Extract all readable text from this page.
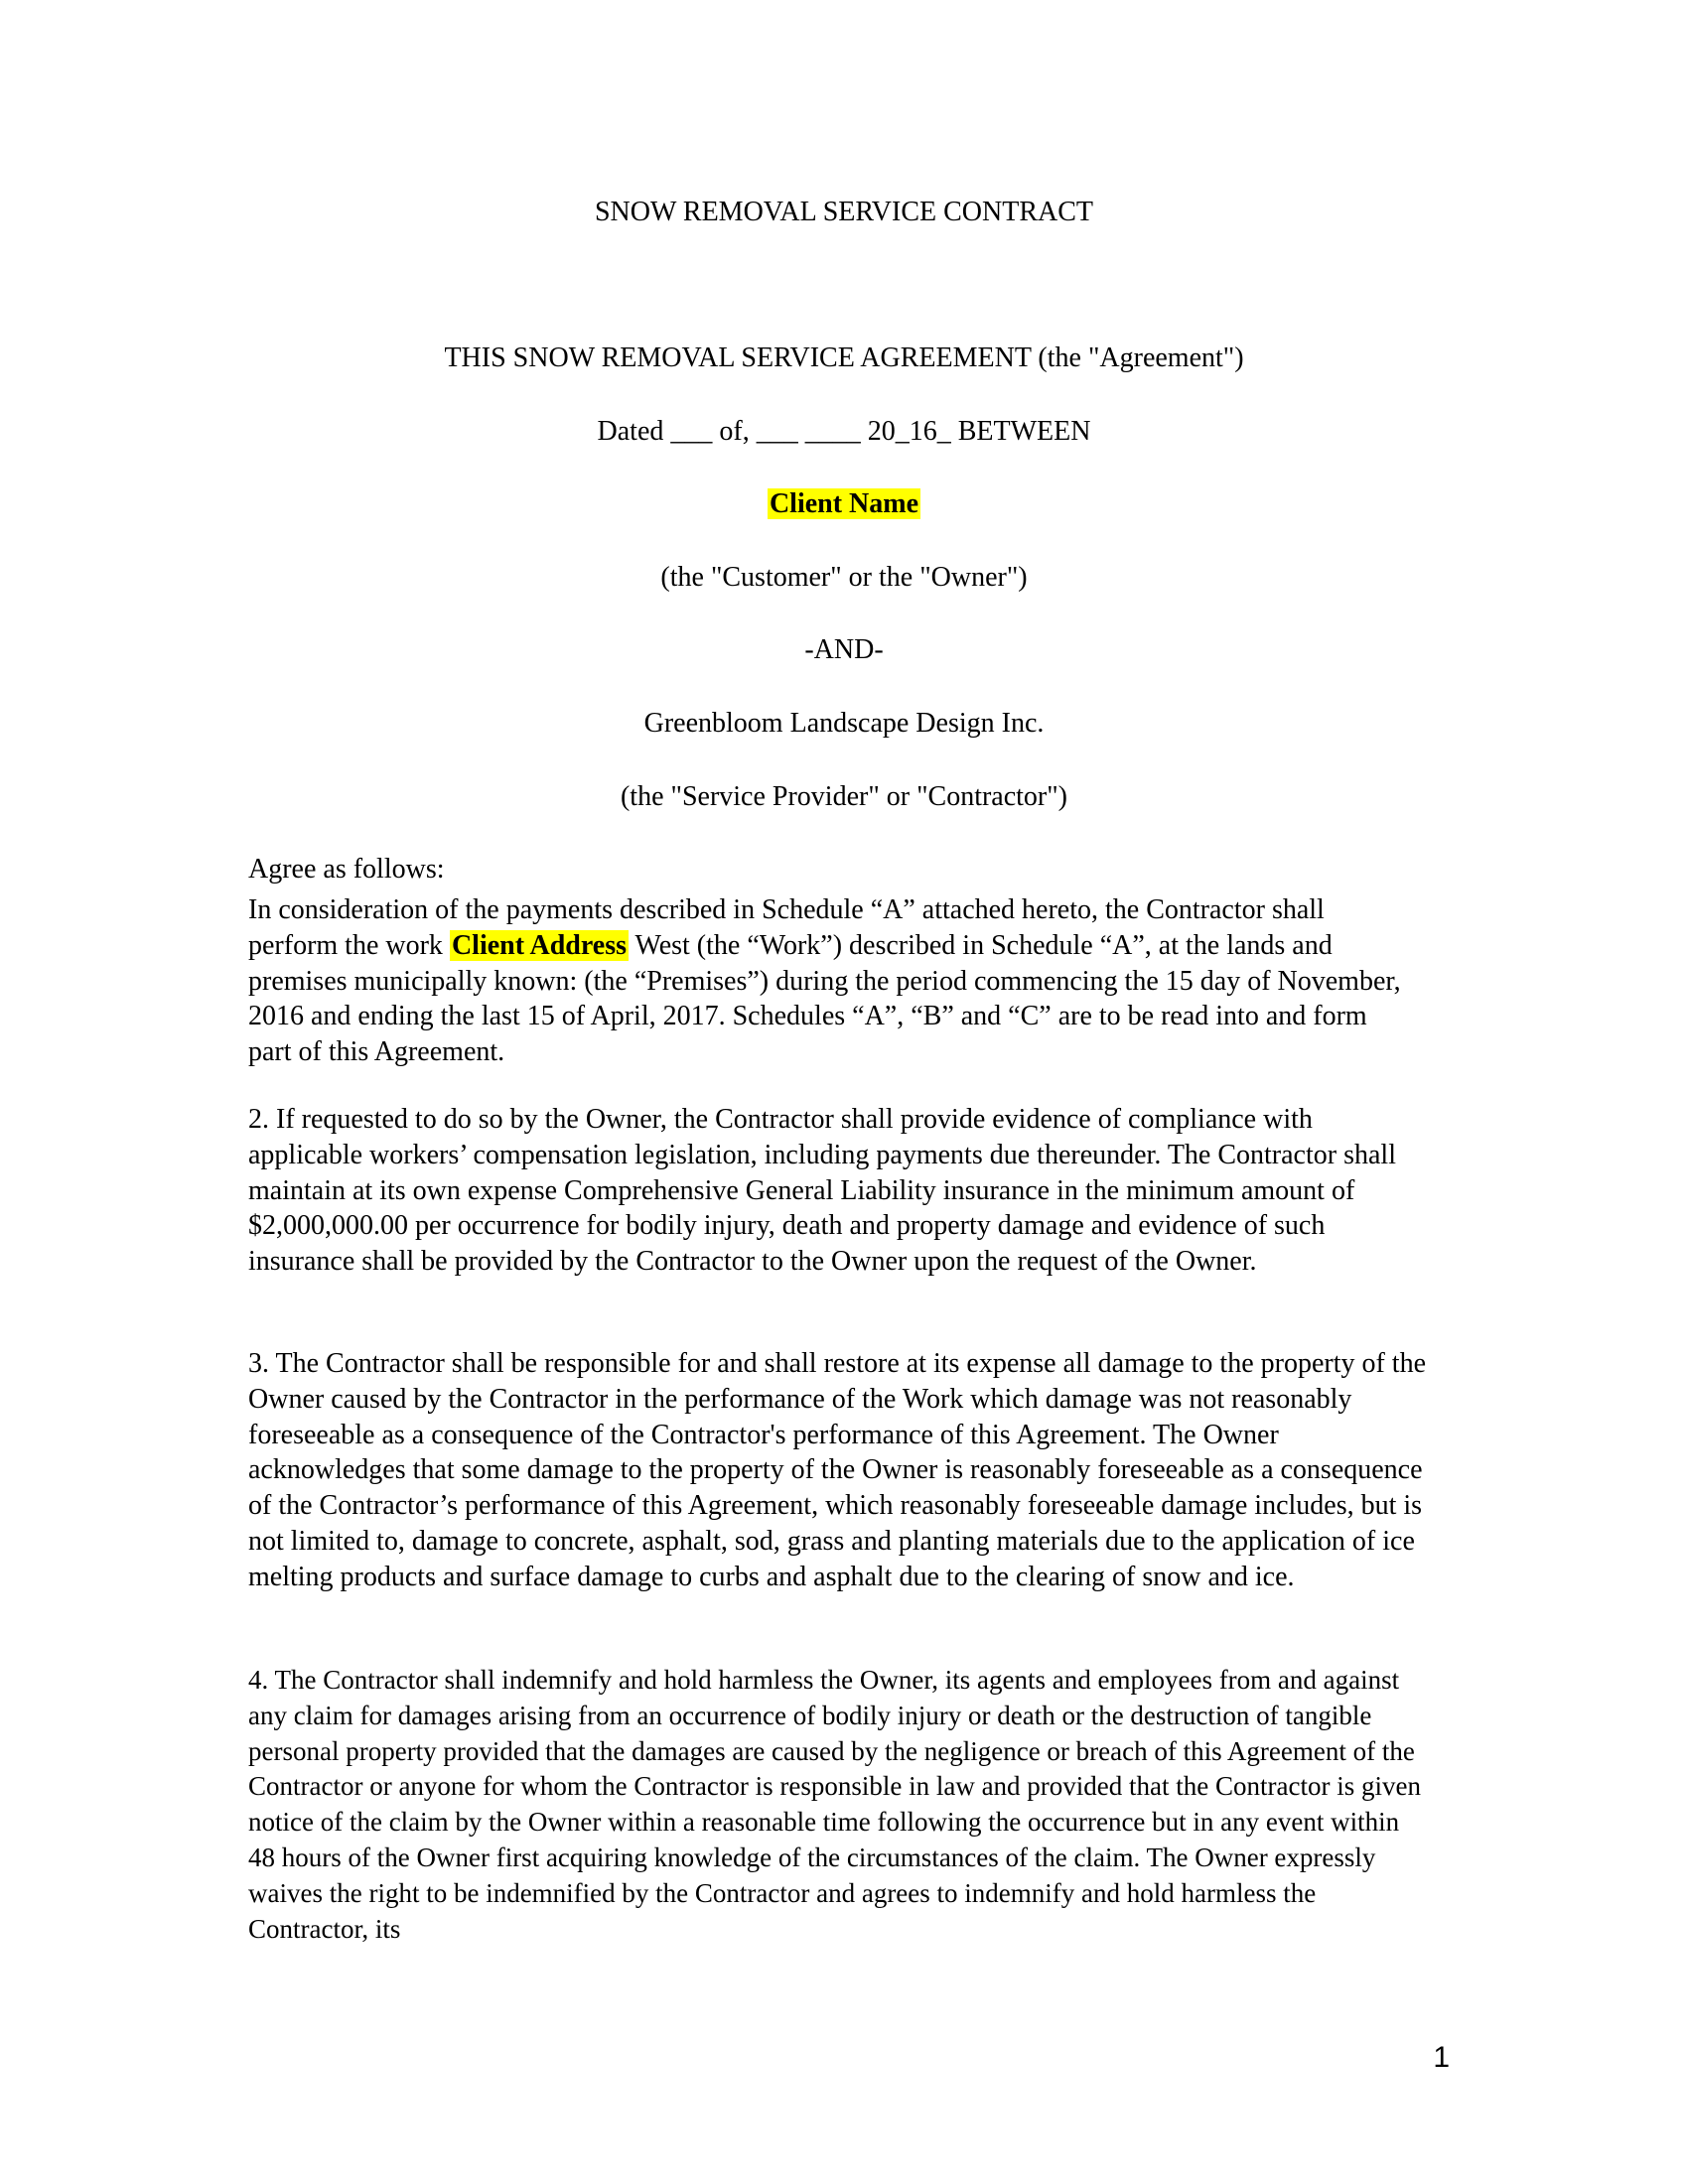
SNOW REMOVAL SERVICE CONTRACT
THIS SNOW REMOVAL SERVICE AGREEMENT (the "Agreement")
Dated ___ of, ___ ____ 20_16_ BETWEEN
Client Name
(the "Customer" or the "Owner")
-AND-
Greenbloom Landscape Design Inc.
(the "Service Provider" or "Contractor")

Agree as follows:

In consideration of the payments described in Schedule “A” attached hereto, the Contractor shall perform the work Client Address West (the “Work”) described in Schedule “A”, at the lands and premises municipally known: (the “Premises”) during the period commencing the 15 day of November, 2016 and ending the last 15 of April, 2017. Schedules “A”, “B” and “C” are to be read into and form part of this Agreement.

2. If requested to do so by the Owner, the Contractor shall provide evidence of compliance with applicable workers’ compensation legislation, including payments due thereunder. The Contractor shall maintain at its own expense Comprehensive General Liability insurance in the minimum amount of $2,000,000.00 per occurrence for bodily injury, death and property damage and evidence of such insurance shall be provided by the Contractor to the Owner upon the request of the Owner.

3. The Contractor shall be responsible for and shall restore at its expense all damage to the property of the Owner caused by the Contractor in the performance of the Work which damage was not reasonably foreseeable as a consequence of the Contractor's performance of this Agreement. The Owner acknowledges that some damage to the property of the Owner is reasonably foreseeable as a consequence of the Contractor’s performance of this Agreement, which reasonably foreseeable damage includes, but is not limited to, damage to concrete, asphalt, sod, grass and planting materials due to the application of ice melting products and surface damage to curbs and asphalt due to the clearing of snow and ice.

4. The Contractor shall indemnify and hold harmless the Owner, its agents and employees from and against any claim for damages arising from an occurrence of bodily injury or death or the destruction of tangible personal property provided that the damages are caused by the negligence or breach of this Agreement of the Contractor or anyone for whom the Contractor is responsible in law and provided that the Contractor is given notice of the claim by the Owner within a reasonable time following the occurrence but in any event within 48 hours of the Owner first acquiring knowledge of the circumstances of the claim. The Owner expressly waives the right to be indemnified by the Contractor and agrees to indemnify and hold harmless the Contractor, its

1
